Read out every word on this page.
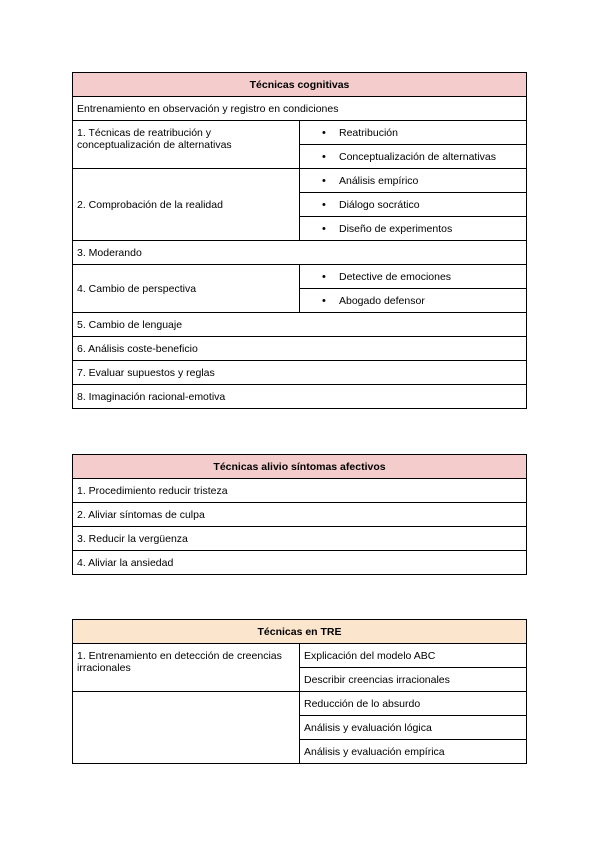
Técnicas cognitivas	
Entrenamiento en observación y registro en condiciones	
1. Técnicas de reatribución y conceptualización de alternativas	• Reatribución
	• Conceptualización de alternativas
2. Comprobación de la realidad	• Análisis empírico
	• Diálogo socrático
	• Diseño de experimentos
3. Moderando	
4. Cambio de perspectiva	• Detective de emociones
	• Abogado defensor
5. Cambio de lenguaje	
6. Análisis coste-beneficio	
7. Evaluar supuestos y reglas	
8. Imaginación racional-emotiva	
Técnicas alivio síntomas afectivos
1. Procedimiento reducir tristeza
2. Aliviar síntomas de culpa
3. Reducir la vergüenza
4. Aliviar la ansiedad
Técnicas en TRE	
1. Entrenamiento en detección de creencias irracionales	Explicación del modelo ABC
	Describir creencias irracionales
	Reducción de lo absurdo
	Análisis y evaluación lógica
	Análisis y evaluación empírica
